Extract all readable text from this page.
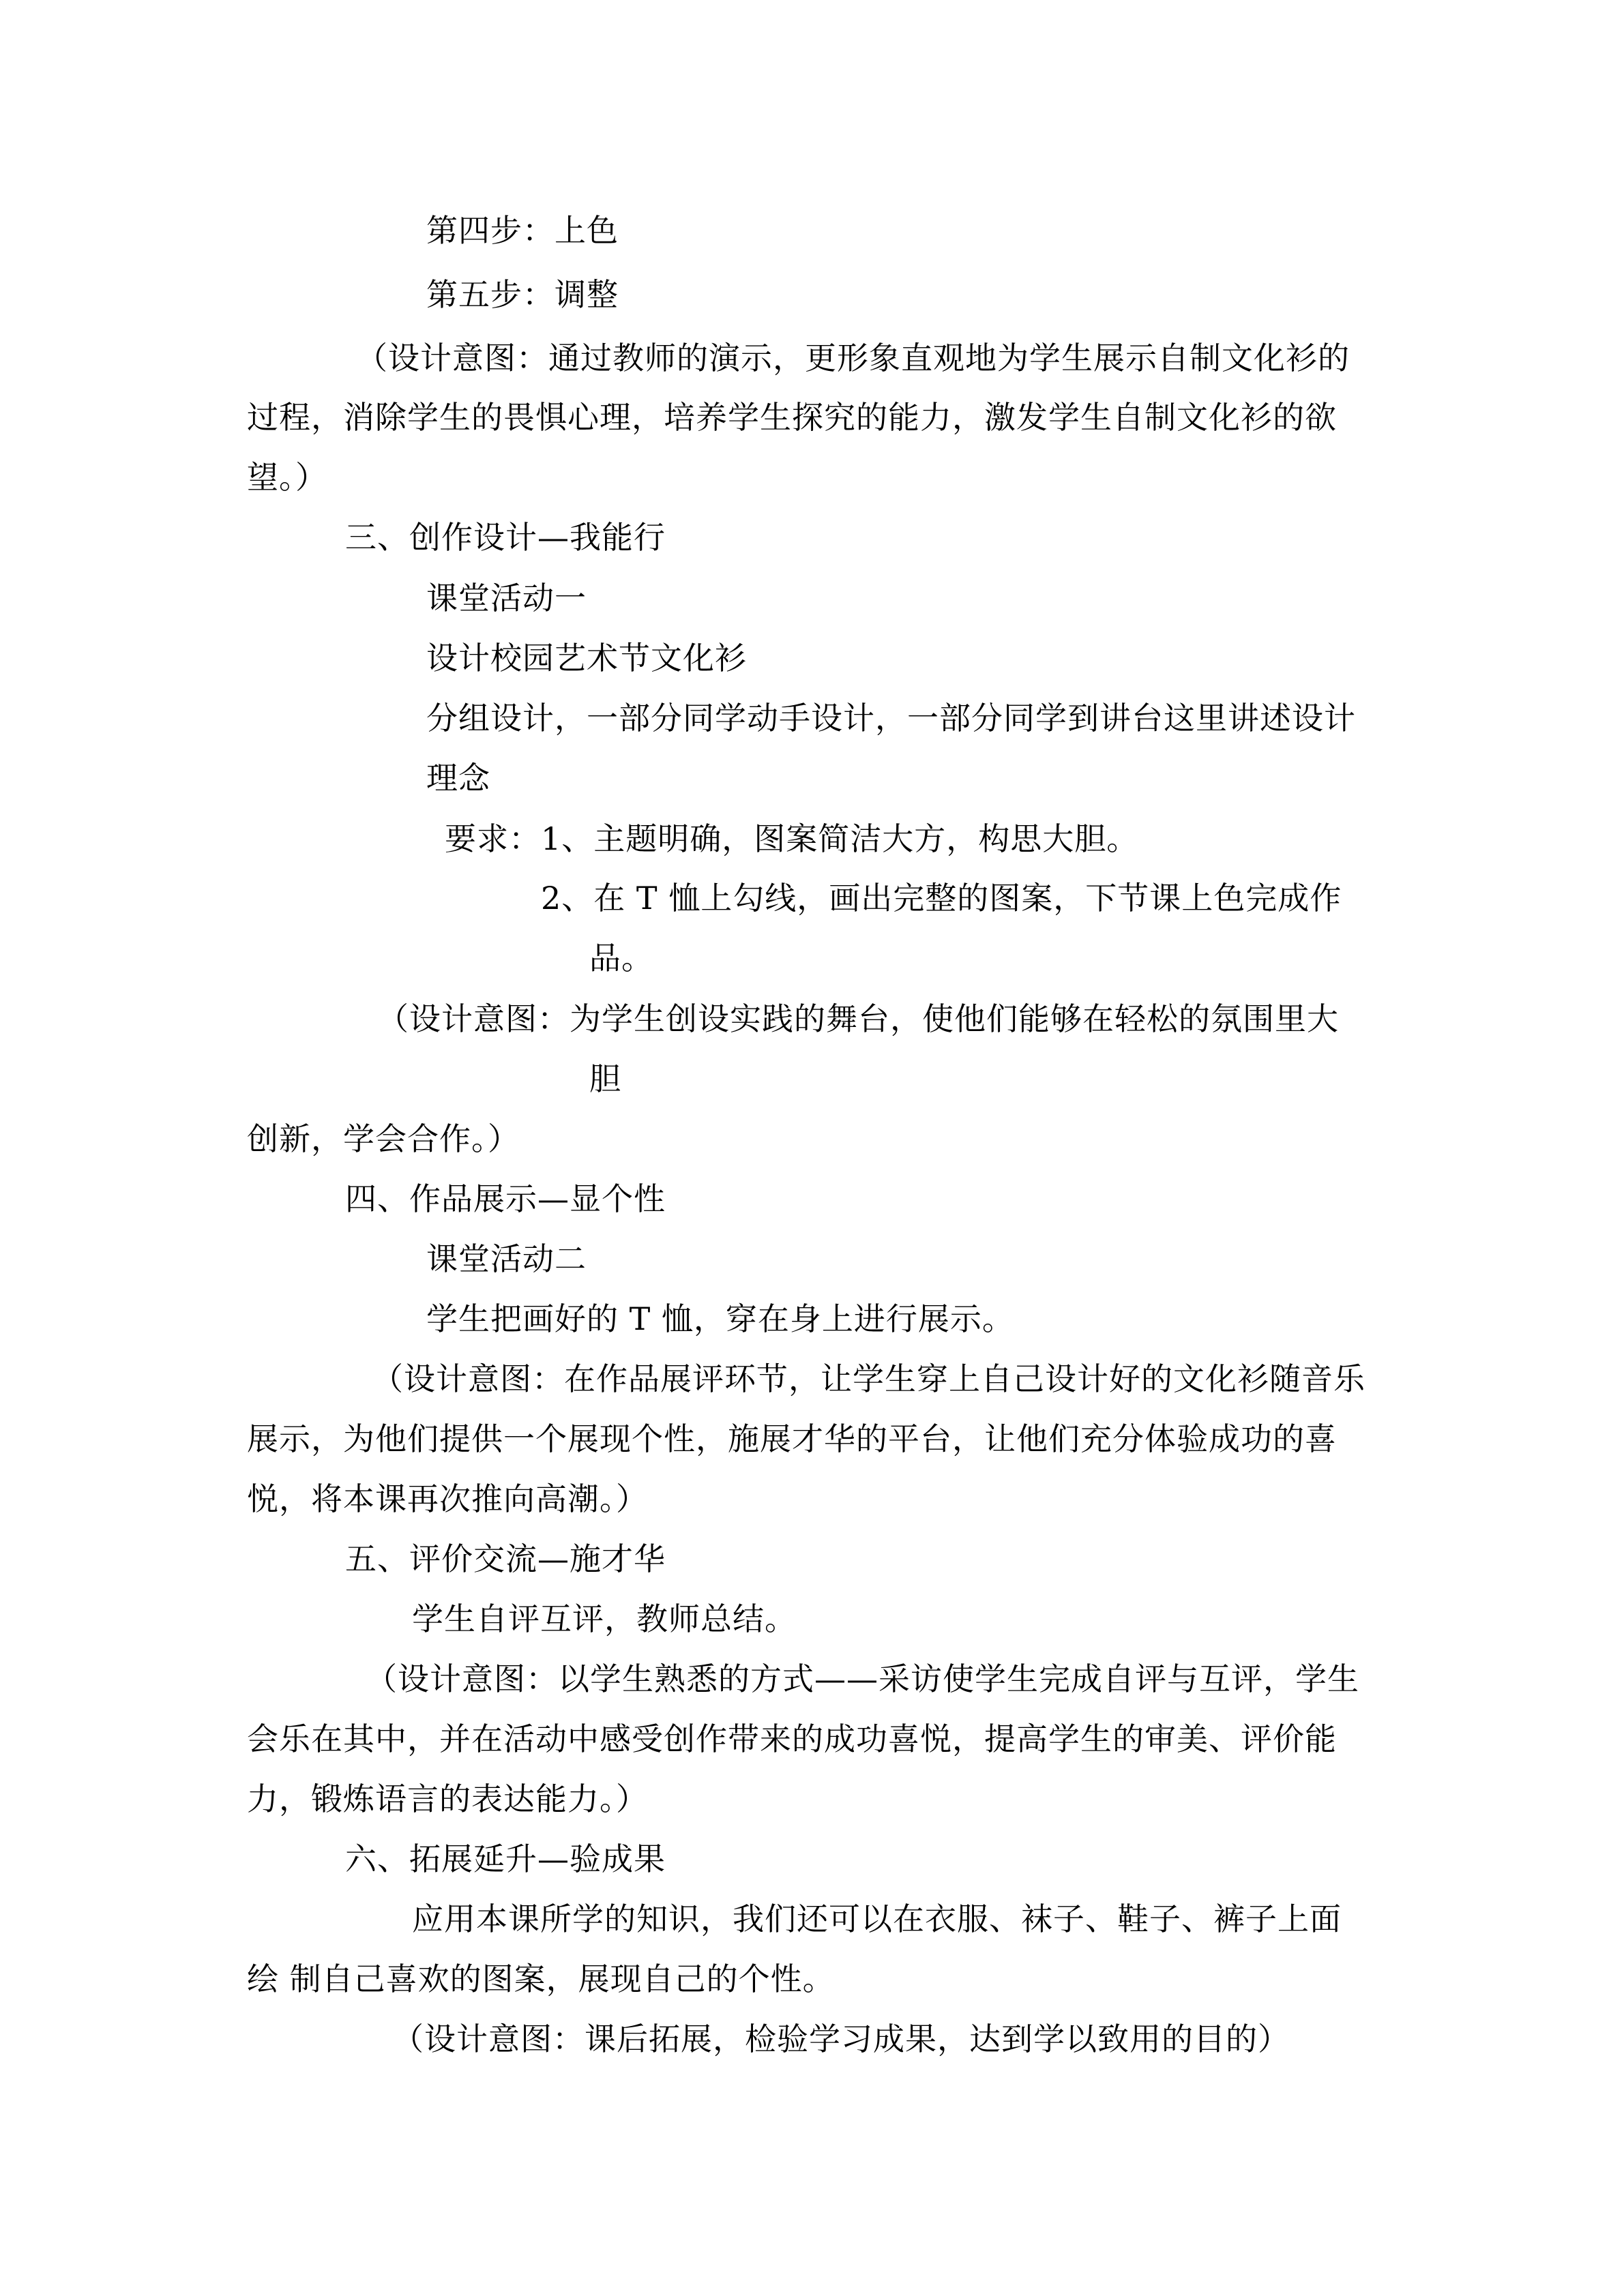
第四步：上色
第五步：调整
（设计意图：通过教师的演示，更形象直观地为学生展示自制文化衫的
过程，消除学生的畏惧心理，培养学生探究的能力，激发学生自制文化衫的欲
望。）
三、创作设计—我能行
课堂活动一
设计校园艺术节文化衫
分组设计，一部分同学动手设计，一部分同学到讲台这里讲述设计
理念
要求：1、主题明确，图案简洁大方，构思大胆。
2、在 T 恤上勾线，画出完整的图案，下节课上色完成作
品。
（设计意图：为学生创设实践的舞台，使他们能够在轻松的氛围里大
胆
创新，学会合作。）
四、作品展示—显个性
课堂活动二
学生把画好的 T 恤，穿在身上进行展示。
（设计意图：在作品展评环节，让学生穿上自己设计好的文化衫随音乐
展示，为他们提供一个展现个性，施展才华的平台，让他们充分体验成功的喜
悦，将本课再次推向高潮。）
五、评价交流—施才华
学生自评互评，教师总结。
（设计意图：以学生熟悉的方式——采访使学生完成自评与互评，学生
会乐在其中，并在活动中感受创作带来的成功喜悦，提高学生的审美、评价能
力，锻炼语言的表达能力。）
六、拓展延升—验成果
应用本课所学的知识，我们还可以在衣服、袜子、鞋子、裤子上面
绘 制自己喜欢的图案，展现自己的个性。
（设计意图：课后拓展，检验学习成果，达到学以致用的目的）
